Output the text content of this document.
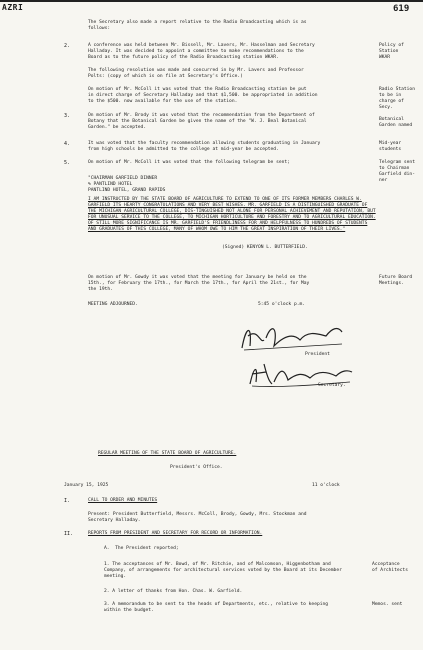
AZRI	619
The Secretary also made a report relative to the Radio Broadcasting which is as
follows:
2.	A conference was held between Mr. Bissell, Mr. Lavers, Mr. Hasselman and Secretary
Halladay. It was decided to appoint a committee to make recommendations to the
Board as to the future policy of the Radio Broadcasting station WKAR.
Policy of
Station
WKAR
The following resolution was made and concurred in by Mr. Lavers and Professor
Polts: (copy of which is on file at Secretary's Office.)
On motion of Mr. McColl it was voted that the Radio Broadcasting station be put
in direct charge of Secretary Halladay and that $1,500. be appropriated in addition
to the $500. now available for the use of the station.
Radio Station
to be in
charge of
Secy.
3.	On motion of Mr. Brody it was voted that the recommendation from the Department of
Botany that the Botanical Garden be given the name of the "W. J. Beal Botanical
Garden." be accepted.
Botanical
Garden named
4.	It was voted that the faculty recommendation allowing students graduating in January
from high schools be admitted to the college at mid-year be accepted.
Mid-year
students
5.	On motion of Mr. McColl it was voted that the following telegram be sent;	Telegram sent
to Chairman
Garfield din-
ner
"CHAIRMAN GARFIELD DINNER
% PANTLIND HOTEL
PANTLIND HOTEL, GRAND RAPIDS
I AM INSTRUCTED BY THE STATE BOARD OF AGRICULTURE TO EXTEND TO ONE OF ITS FORMER MEMBERS CHARLES W. GARFIELD ITS HEARTY CONGRATULATIONS AND VERY BEST WISHES. MR. GARFIELD IS A DISTINGUISHED GRADUATE OF THE MICHIGAN AGRICULTURAL COLLEGE, DIS-TINGUISHED NOT ALONE FOR PERSONAL ACHIEVEMENT AND REPUTATION, BUT FOR UNUSUAL SERVICE TO THE COLLEGE, TO MICHIGAN HORTICULTURE AND FORESTRY AND TO AGRICULTURAL EDUCATION. OF STILL MORE SIGNIFICANCE IS MR. GARFIELD'S FRIENDLINESS FOR AND HELPFULNESS TO HUNDREDS OF STUDENTS AND GRADUATES OF THIS COLLEGE, MANY OF WHOM OWE TO HIM THE GREAT INSPIRATION OF THEIR LIVES."
(Signed) KENYON L. BUTTERFIELD.
On motion of Mr. Gowdy it was voted that the meeting for January be held on the
15th., for February the 17th., for March the 17th., for April the 21st., for May
the 19th.
Future Board
Meetings.
MEETING ADJOURNED.	5:45 o'clock p.m.
President
Secretary.
REGULAR MEETING OF THE STATE BOARD OF AGRICULTURE.
President's Office.
January 15, 1925	11 o'clock
I.	CALL TO ORDER AND MINUTES
Present: President Butterfield, Messrs. McColl, Brody, Gowdy, Mrs. Stockman and
Secretary Halladay.
II.	REPORTS FROM PRESIDENT AND SECRETARY FOR RECORD OR INFORMATION.
A.  The President reported;
1. The acceptances of Mr. Bowd, of Mr. Ritchie, and of Malcomson, Higgenbotham and
Company, of arrangements for architectural services voted by the Board at its December
meeting.
Acceptance
of Architects
2. A letter of thanks from Hon. Chas. W. Garfield.
3. A memorandum to be sent to the heads of Departments, etc., relative to keeping
within the budget.
Memos. sent
